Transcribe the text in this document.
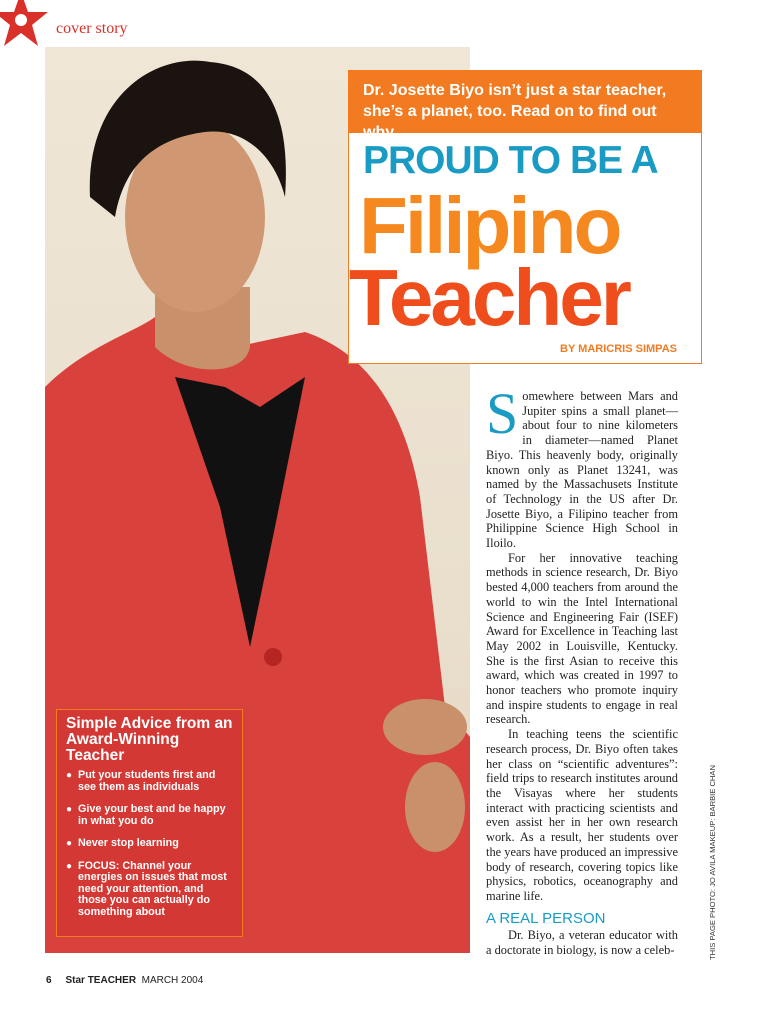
cover story
Dr. Josette Biyo isn’t just a star teacher, she’s a planet, too. Read on to find out why.
PROUD TO BE A
Filipino
Teacher
BY MARICRIS SIMPAS

Somewhere between Mars and Jupiter spins a small planet—about four to nine kilometers in diameter—named Planet Biyo. This heavenly body, originally known only as Planet 13241, was named by the Massachusets Institute of Technology in the US after Dr. Josette Biyo, a Filipino teacher from Philippine Science High School in Iloilo.

For her innovative teaching methods in science research, Dr. Biyo bested 4,000 teachers from around the world to win the Intel International Science and Engineering Fair (ISEF) Award for Excellence in Teaching last May 2002 in Louisville, Kentucky. She is the first Asian to receive this award, which was created in 1997 to honor teachers who promote inquiry and inspire students to engage in real research.

In teaching teens the scientific research process, Dr. Biyo often takes her class on “scientific adventures”: field trips to research institutes around the Visayas where her students interact with practicing scientists and even assist her in her own research work. As a result, her students over the years have produced an impressive body of research, covering topics like physics, robotics, oceanography and marine life.

A REAL PERSON

Dr. Biyo, a veteran educator with a doctorate in biology, is now a celeb-

Simple Advice from an Award-Winning Teacher
● Put your students first and see them as individuals
● Give your best and be happy in what you do
● Never stop learning
● FOCUS: Channel your energies on issues that most need your attention, and those you can actually do something about	THIS PAGE PHOTO: JO AVILA MAKEUP: BARBIE CHAN
6 Star TEACHER MARCH 2004
